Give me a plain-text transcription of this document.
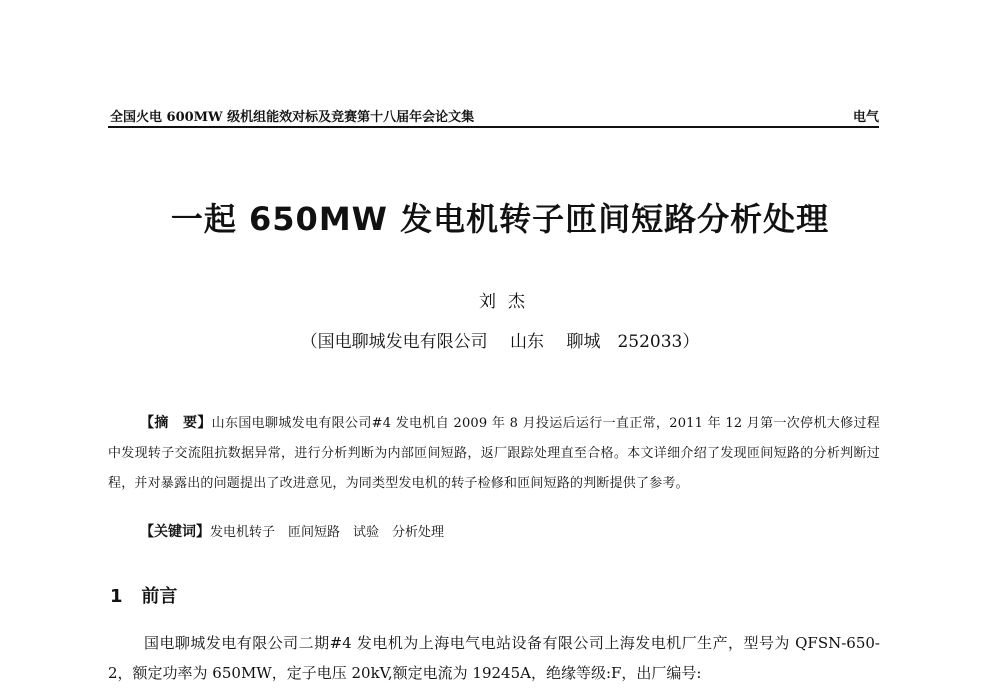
全国火电 600MW 级机组能效对标及竞赛第十八届年会论文集	电气
一起 650MW 发电机转子匝间短路分析处理
刘杰
（国电聊城发电有限公司　 山东　 聊城　252033）
【摘　要】山东国电聊城发电有限公司#4 发电机自 2009 年 8 月投运后运行一直正常，2011 年 12 月第一次停机大修过程中发现转子交流阻抗数据异常，进行分析判断为内部匝间短路，返厂跟踪处理直至合格。本文详细介绍了发现匝间短路的分析判断过程，并对暴露出的问题提出了改进意见，为同类型发电机的转子检修和匝间短路的判断提供了参考。
【关键词】发电机转子　匝间短路　试验　分析处理
1 前言
国电聊城发电有限公司二期#4 发电机为上海电气电站设备有限公司上海发电机厂生产，型号为 QFSN-650-2，额定功率为 650MW，定子电压 20kV,额定电流为 19245A，绝缘等级:F，出厂编号:
